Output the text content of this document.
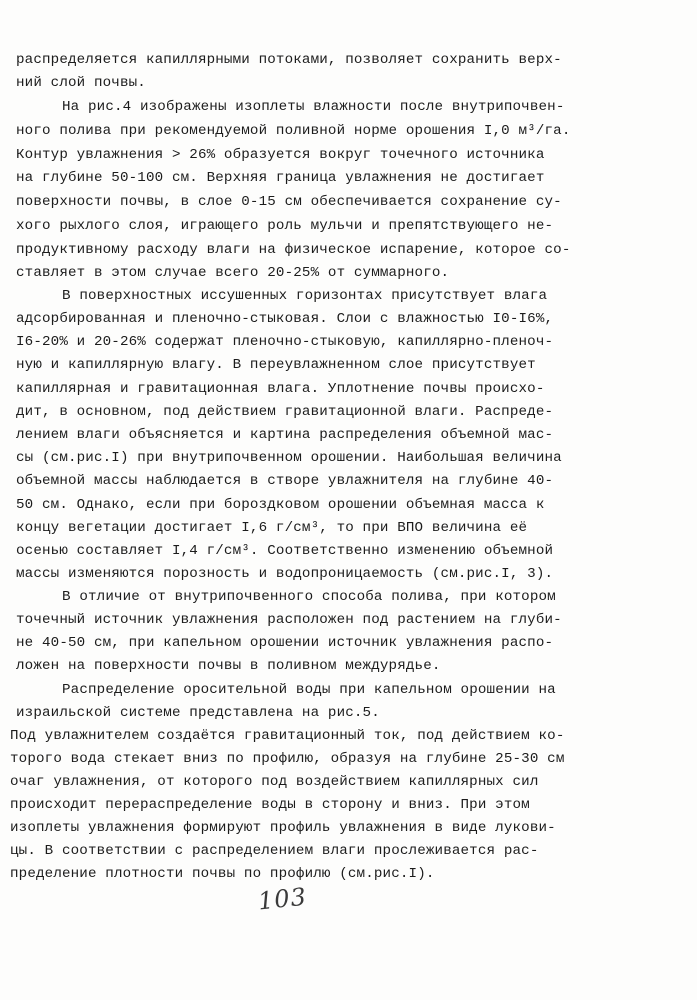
распределяется капиллярными потоками, позволяет сохранить верх-
ний слой почвы.
На рис.4 изображены изоплеты влажности после внутрипочвен-
ного полива при рекомендуемой поливной норме орошения I,0 м³/га.
Контур увлажнения > 26% образуется вокруг точечного источника
на глубине 50-100 см. Верхняя граница увлажнения не достигает
поверхности почвы, в слое 0-15 см обеспечивается сохранение су-
хого рыхлого слоя, играющего роль мульчи и препятствующего не-
продуктивному расходу влаги на физическое испарение, которое со-
ставляет в этом случае всего 20-25% от суммарного.
В поверхностных иссушенных горизонтах присутствует влага
адсорбированная и пленочно-стыковая. Слои с влажностью I0-I6%,
I6-20% и 20-26% содержат пленочно-стыковую, капиллярно-пленоч-
ную и капиллярную влагу. В переувлажненном слое присутствует
капиллярная и гравитационная влага. Уплотнение почвы происхо-
дит, в основном, под действием гравитационной влаги. Распреде-
лением влаги объясняется и картина распределения объемной мас-
сы (см.рис.I) при внутрипочвенном орошении. Наибольшая величина
объемной массы наблюдается в створе увлажнителя на глубине 40-
50 см. Однако, если при бороздковом орошении объемная масса к
концу вегетации достигает I,6 г/см³, то при ВПО величина её
осенью составляет I,4 г/см³. Соответственно изменению объемной
массы изменяются порозность и водопроницаемость (см.рис.I, 3).
В отличие от внутрипочвенного способа полива, при котором
точечный источник увлажнения расположен под растением на глуби-
не 40-50 см, при капельном орошении источник увлажнения распо-
ложен на поверхности почвы в поливном междурядье.
Распределение оросительной воды при капельном орошении на
израильской системе представлена на рис.5.
Под увлажнителем создаётся гравитационный ток, под действием ко-
торого вода стекает вниз по профилю, образуя на глубине 25-30 см
очаг увлажнения, от которого под воздействием капиллярных сил
происходит перераспределение воды в сторону и вниз. При этом
изоплеты увлажнения формируют профиль увлажнения в виде лукови-
цы. В соответствии с распределением влаги прослеживается рас-
пределение плотности почвы по профилю (см.рис.I).
103
